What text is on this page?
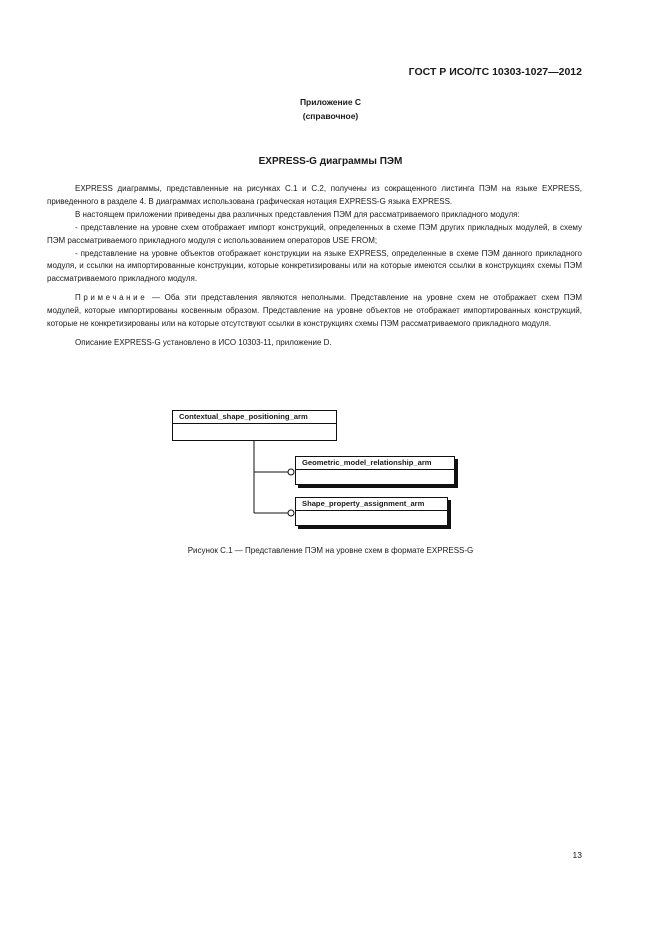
ГОСТ Р ИСО/ТС 10303-1027—2012
Приложение С
(справочное)
EXPRESS-G диаграммы ПЭМ

EXPRESS диаграммы, представленные на рисунках С.1 и С.2, получены из сокращенного листинга ПЭМ на языке EXPRESS, приведенного в разделе 4. В диаграммах использована графическая нотация EXPRESS-G языка EXPRESS.

В настоящем приложении приведены два различных представления ПЭМ для рассматриваемого прикладного модуля:

- представление на уровне схем отображает импорт конструкций, определенных в схеме ПЭМ других прикладных модулей, в схему ПЭМ рассматриваемого прикладного модуля с использованием операторов USE FROM;

- представление на уровне объектов отображает конструкции на языке EXPRESS, определенные в схеме ПЭМ данного прикладного модуля, и ссылки на импортированные конструкции, которые конкретизированы или на которые имеются ссылки в конструкциях схемы ПЭМ рассматриваемого прикладного модуля.

Примечание — Оба эти представления являются неполными. Представление на уровне схем не отображает схем ПЭМ модулей, которые импортированы косвенным образом. Представление на уровне объектов не отображает импортированных конструкций, которые не конкретизированы или на которые отсутствуют ссылки в конструкциях схемы ПЭМ рассматриваемого прикладного модуля.

Описание EXPRESS-G установлено в ИСО 10303-11, приложение D.

Contextual_shape_positioning_arm
Geometric_model_relationship_arm
Shape_property_assignment_arm
Рисунок С.1 — Представление ПЭМ на уровне схем в формате EXPRESS-G
13
